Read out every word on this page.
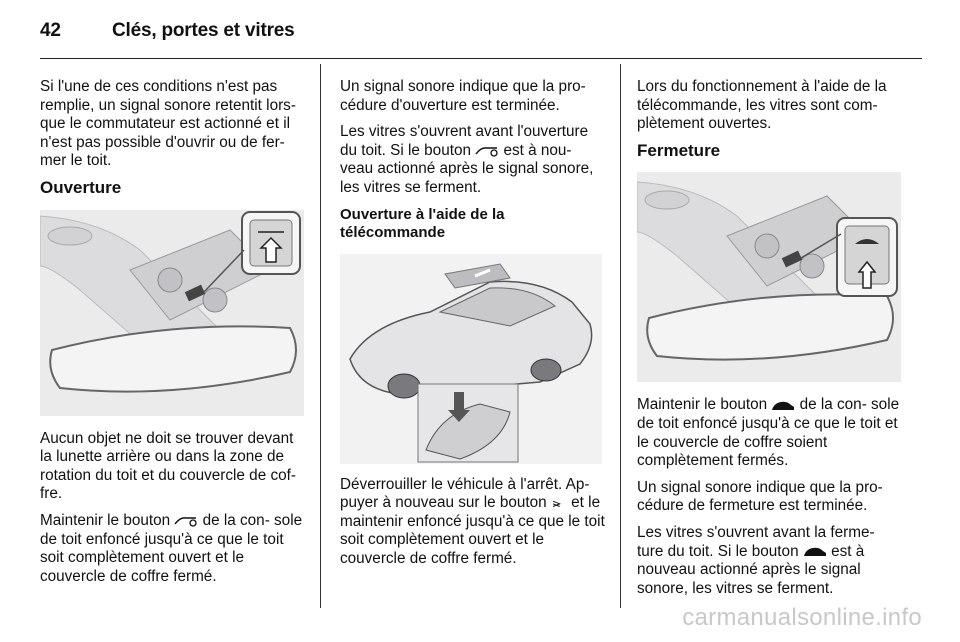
42	Clés, portes et vitres

Si l'une de ces conditions n'est pas remplie, un signal sonore retentit lors- que le commutateur est actionné et il n'est pas possible d'ouvrir ou de fer- mer le toit.

Ouverture

Aucun objet ne doit se trouver devant la lunette arrière ou dans la zone de rotation du toit et du couvercle de cof- fre.

Maintenir le bouton de la con- sole de toit enfoncé jusqu'à ce que le toit soit complètement ouvert et le couvercle de coffre fermé.

Un signal sonore indique que la pro- cédure d'ouverture est terminée.

Les vitres s'ouvrent avant l'ouverture du toit. Si le bouton est à nou- veau actionné après le signal sonore, les vitres se ferment.

Ouverture à l'aide de la télécommande

Déverrouiller le véhicule à l'arrêt. Ap- puyer à nouveau sur le bouton et le maintenir enfoncé jusqu'à ce que le toit soit complètement ouvert et le couvercle de coffre fermé.

Lors du fonctionnement à l'aide de la télécommande, les vitres sont com- plètement ouvertes.

Fermeture

Maintenir le bouton de la con- sole de toit enfoncé jusqu'à ce que le toit et le couvercle de coffre soient complètement fermés.

Un signal sonore indique que la pro- cédure de fermeture est terminée.

Les vitres s'ouvrent avant la ferme- ture du toit. Si le bouton est à nouveau actionné après le signal sonore, les vitres se ferment.

carmanualsonline.info
